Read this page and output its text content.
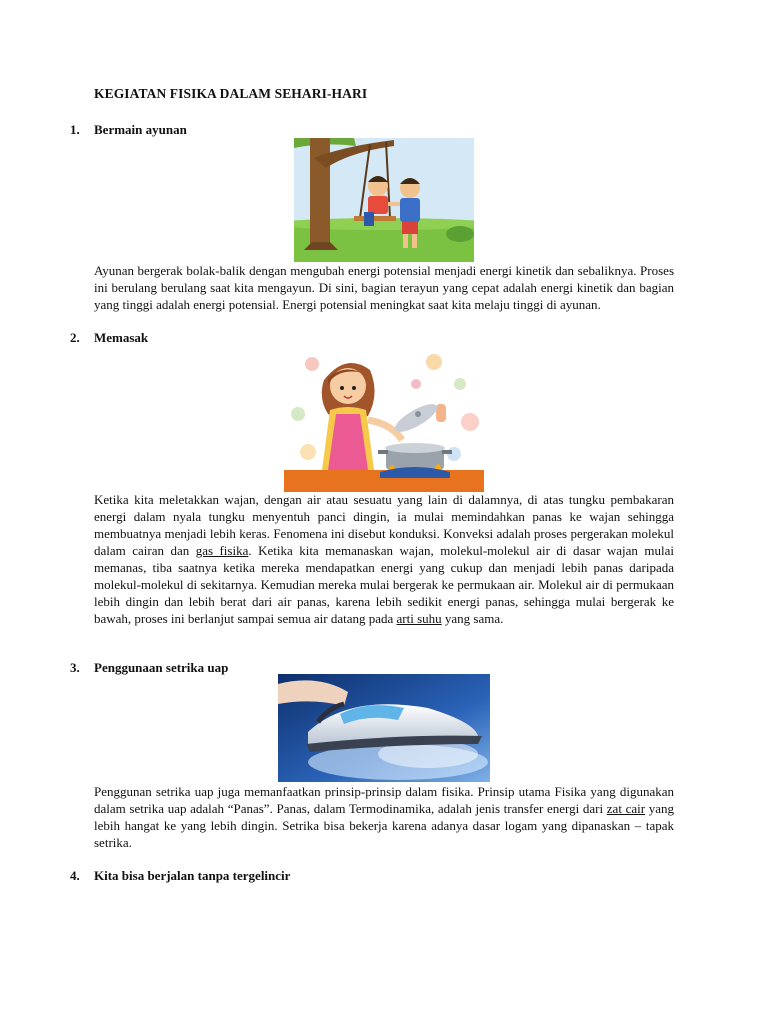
KEGIATAN FISIKA DALAM SEHARI-HARI
1. Bermain ayunan

Ayunan bergerak bolak-balik dengan mengubah energi potensial menjadi energi kinetik dan sebaliknya. Proses ini berulang berulang saat kita mengayun. Di sini, bagian terayun yang cepat adalah energi kinetik dan bagian yang tinggi adalah energi potensial. Energi potensial meningkat saat kita melaju tinggi di ayunan.

2. Memasak

Ketika kita meletakkan wajan, dengan air atau sesuatu yang lain di dalamnya, di atas tungku pembakaran energi dalam nyala tungku menyentuh panci dingin, ia mulai memindahkan panas ke wajan sehingga membuatnya menjadi lebih keras. Fenomena ini disebut konduksi. Konveksi adalah proses pergerakan molekul dalam cairan dan gas fisika. Ketika kita memanaskan wajan, molekul-molekul air di dasar wajan mulai memanas, tiba saatnya ketika mereka mendapatkan energi yang cukup dan menjadi lebih panas daripada molekul-molekul di sekitarnya. Kemudian mereka mulai bergerak ke permukaan air. Molekul air di permukaan lebih dingin dan lebih berat dari air panas, karena lebih sedikit energi panas, sehingga mulai bergerak ke bawah, proses ini berlanjut sampai semua air datang pada arti suhu yang sama.

3. Penggunaan setrika uap

Penggunan setrika uap juga memanfaatkan prinsip-prinsip dalam fisika. Prinsip utama Fisika yang digunakan dalam setrika uap adalah “Panas”. Panas, dalam Termodinamika, adalah jenis transfer energi dari zat cair yang lebih hangat ke yang lebih dingin. Setrika bisa bekerja karena adanya dasar logam yang dipanaskan – tapak setrika.

4. Kita bisa berjalan tanpa tergelincir
